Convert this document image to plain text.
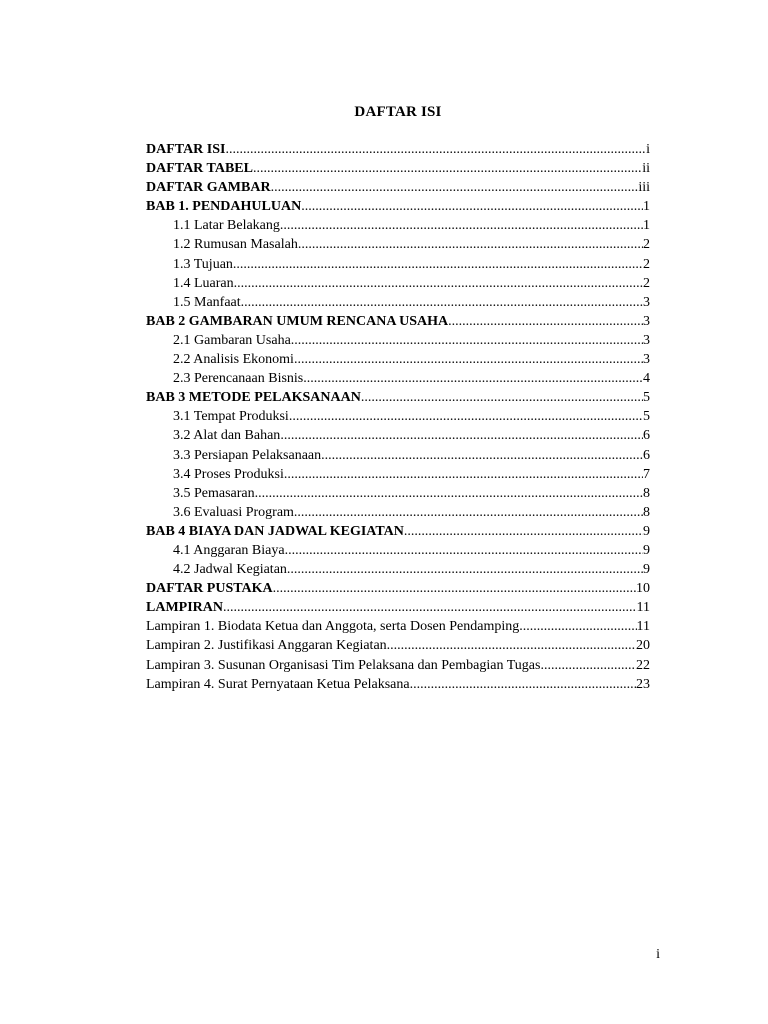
DAFTAR ISI
DAFTAR ISI .....	i
DAFTAR TABEL .....	ii
DAFTAR GAMBAR .....	iii
BAB 1. PENDAHULUAN .....	1
1.1 Latar Belakang .....	1
1.2 Rumusan Masalah .....	2
1.3 Tujuan .....	2
1.4 Luaran .....	2
1.5 Manfaat .....	3
BAB 2 GAMBARAN UMUM RENCANA USAHA .....	3
2.1 Gambaran Usaha .....	3
2.2 Analisis Ekonomi .....	3
2.3 Perencanaan Bisnis .....	4
BAB 3 METODE PELAKSANAAN .....	5
3.1 Tempat Produksi .....	5
3.2 Alat dan Bahan .....	6
3.3 Persiapan Pelaksanaan .....	6
3.4 Proses Produksi .....	7
3.5 Pemasaran .....	8
3.6 Evaluasi Program .....	8
BAB 4 BIAYA DAN JADWAL KEGIATAN .....	9
4.1 Anggaran Biaya .....	9
4.2 Jadwal Kegiatan .....	9
DAFTAR PUSTAKA .....	10
LAMPIRAN .....	11
Lampiran 1. Biodata Ketua dan Anggota, serta Dosen Pendamping .....	11
Lampiran 2. Justifikasi Anggaran Kegiatan .....	20
Lampiran 3. Susunan Organisasi Tim Pelaksana dan Pembagian Tugas .....	22
Lampiran 4. Surat Pernyataan Ketua Pelaksana .....	23
i
